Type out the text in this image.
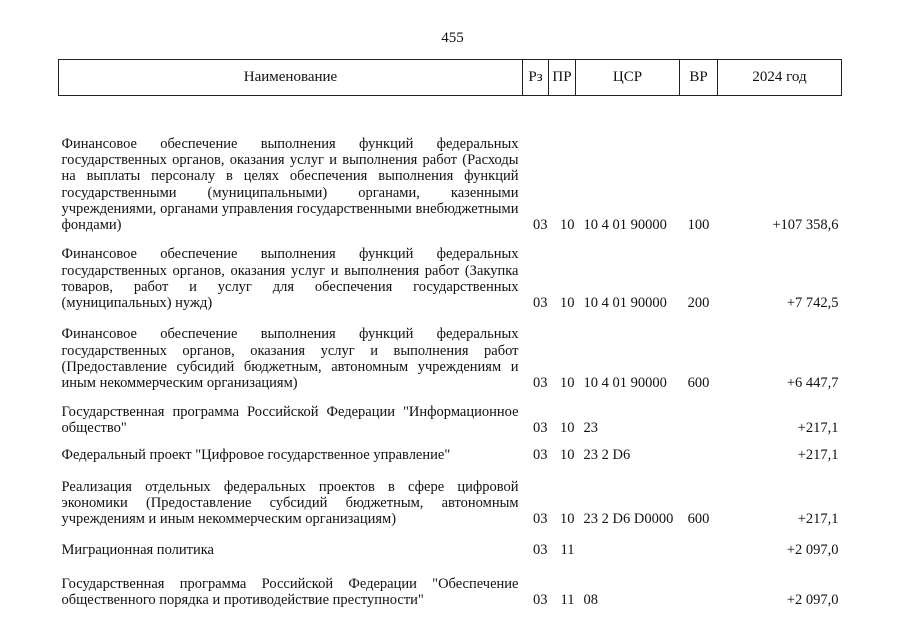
455
Наименование	Рз	ПР	ЦСР	ВР	2024 год
Финансовое обеспечение выполнения функций федеральных государственных органов, оказания услуг и выполнения работ (Расходы на выплаты персоналу в целях обеспечения выполнения функций государственными (муниципальными) органами, казенными учреждениями, органами управления государственными внебюджетными фондами)	03	10	10 4 01 90000	100	+107 358,6
Финансовое обеспечение выполнения функций федеральных государственных органов, оказания услуг и выполнения работ (Закупка товаров, работ и услуг для обеспечения государственных (муниципальных) нужд)	03	10	10 4 01 90000	200	+7 742,5
Финансовое обеспечение выполнения функций федеральных государственных органов, оказания услуг и выполнения работ (Предоставление субсидий бюджетным, автономным учреждениям и иным некоммерческим организациям)	03	10	10 4 01 90000	600	+6 447,7
Государственная программа Российской Федерации "Информационное общество"	03	10	23		+217,1
Федеральный проект "Цифровое государственное управление"	03	10	23 2 D6		+217,1
Реализация отдельных федеральных проектов в сфере цифровой экономики (Предоставление субсидий бюджетным, автономным учреждениям и иным некоммерческим организациям)	03	10	23 2 D6 D0000	600	+217,1
Миграционная политика	03	11			+2 097,0
Государственная программа Российской Федерации "Обеспечение общественного порядка и противодействие преступности"	03	11	08		+2 097,0
